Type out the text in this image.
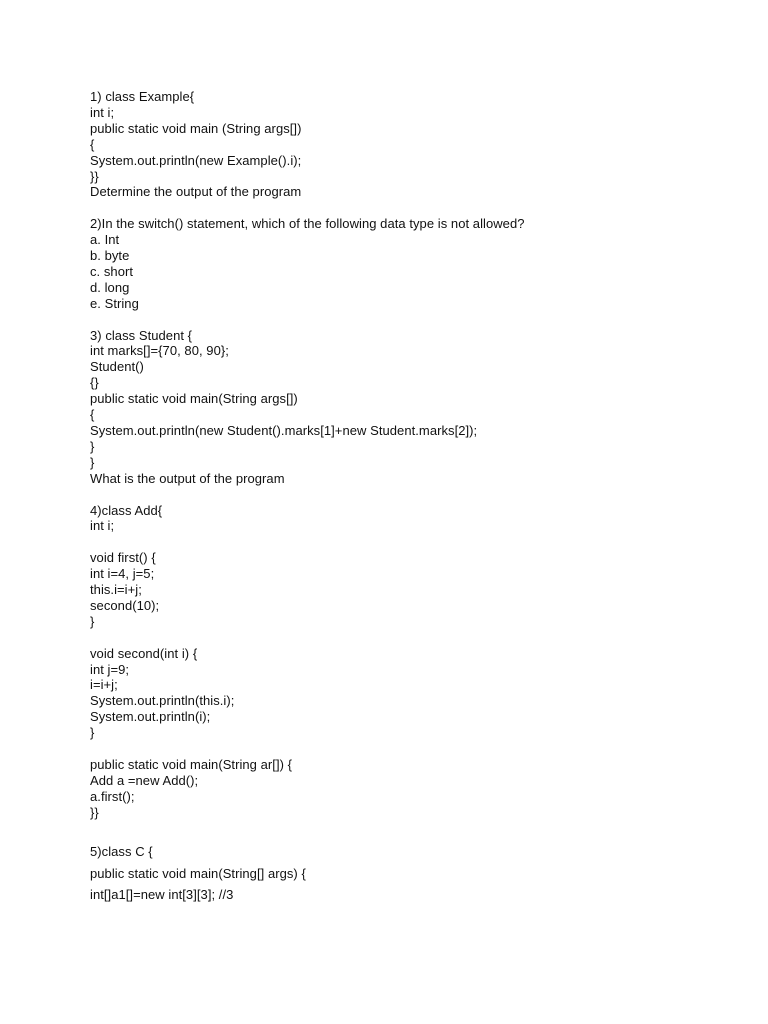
1) class Example{
int i;
public static void main (String args[])
{
System.out.println(new Example().i);
}}
Determine the output of the program
2)In the switch() statement, which of the following data type is not allowed?
a. Int
b. byte
c. short
d. long
e. String
3) class Student {
int marks[]={70, 80, 90};
Student()
{}
public static void main(String args[])
{
System.out.println(new Student().marks[1]+new Student.marks[2]);
}
}
What is the output of the program
4)class Add{
int i;

void first() {
int i=4, j=5;
this.i=i+j;
second(10);
}

void second(int i) {
int j=9;
i=i+j;
System.out.println(this.i);
System.out.println(i);
}

public static void main(String ar[]) {
Add a =new Add();
a.first();
}}
5)class C {
public static void main(String[] args) {
int[]a1[]=new int[3][3]; //3
